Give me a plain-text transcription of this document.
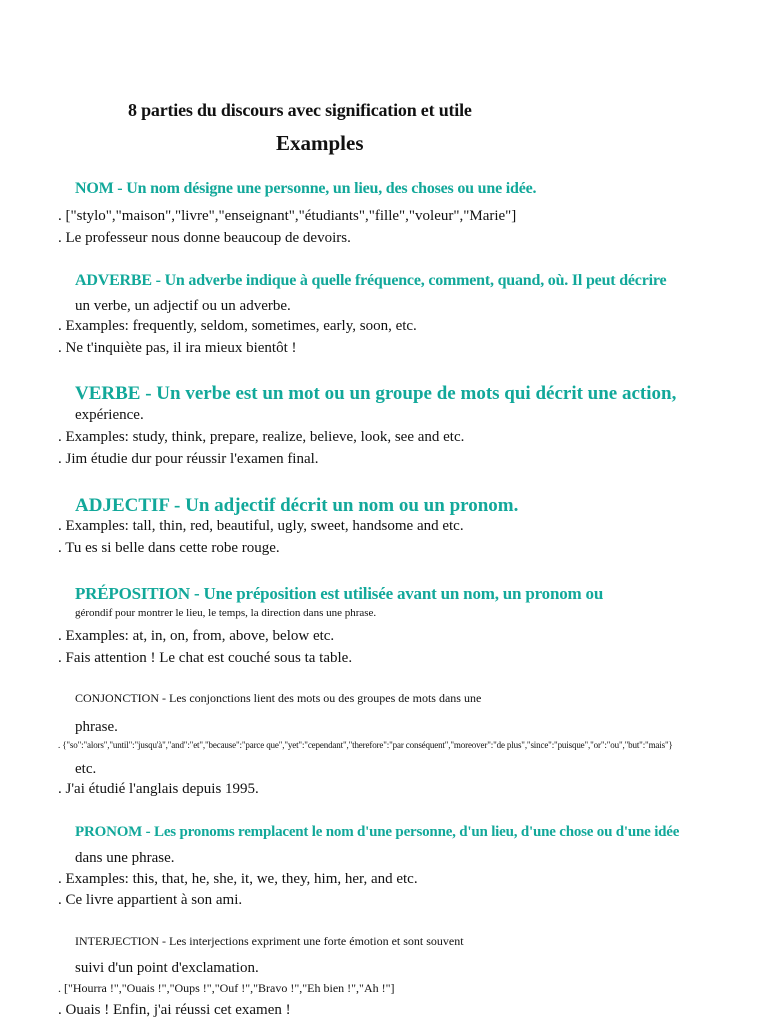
8 parties du discours avec signification et utile
Examples
NOM - Un nom désigne une personne, un lieu, des choses ou une idée.
. ["stylo","maison","livre","enseignant","étudiants","fille","voleur","Marie"]
. Le professeur nous donne beaucoup de devoirs.
ADVERBE - Un adverbe indique à quelle fréquence, comment, quand, où. Il peut décrire
un verbe, un adjectif ou un adverbe.
. Examples: frequently, seldom, sometimes, early, soon, etc.
. Ne t'inquiète pas, il ira mieux bientôt !
VERBE - Un verbe est un mot ou un groupe de mots qui décrit une action,
expérience.
. Examples: study, think, prepare, realize, believe, look, see and etc.
. Jim étudie dur pour réussir l'examen final.
ADJECTIF - Un adjectif décrit un nom ou un pronom.
. Examples: tall, thin, red, beautiful, ugly, sweet, handsome and etc.
. Tu es si belle dans cette robe rouge.
PRÉPOSITION - Une préposition est utilisée avant un nom, un pronom ou
gérondif pour montrer le lieu, le temps, la direction dans une phrase.
. Examples: at, in, on, from, above, below etc.
. Fais attention ! Le chat est couché sous ta table.
CONJONCTION - Les conjonctions lient des mots ou des groupes de mots dans une
phrase.
. {"so":"alors","until":"jusqu'à","and":"et","because":"parce que","yet":"cependant","therefore":"par conséquent","moreover":"de plus","since":"puisque","or":"ou","but":"mais"}
etc.
. J'ai étudié l'anglais depuis 1995.
PRONOM - Les pronoms remplacent le nom d'une personne, d'un lieu, d'une chose ou d'une idée
dans une phrase.
. Examples: this, that, he, she, it, we, they, him, her, and etc.
. Ce livre appartient à son ami.
INTERJECTION - Les interjections expriment une forte émotion et sont souvent
suivi d'un point d'exclamation.
. ["Hourra !","Ouais !","Oups !","Ouf !","Bravo !","Eh bien !","Ah !"]
. Ouais ! Enfin, j'ai réussi cet examen !
